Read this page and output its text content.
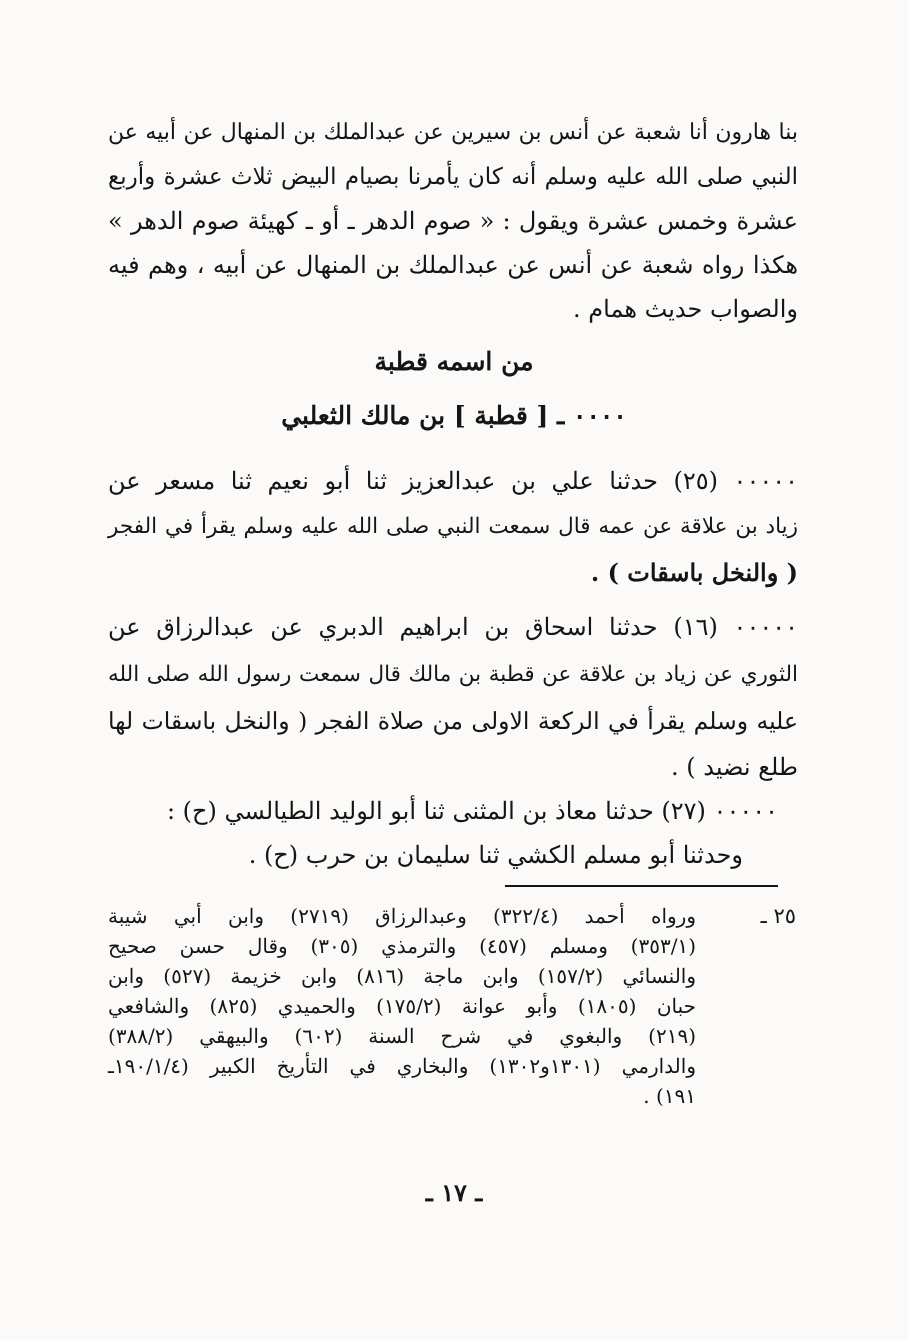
بنا هارون أنا شعبة عن أنس بن سيرين عن عبدالملك بن المنهال عن أبيه عن
النبي صلى الله عليه وسلم أنه كان يأمرنا بصيام البيض ثلاث عشرة وأربع
عشرة وخمس عشرة ويقول : « صوم الدهر ـ أو ـ كهيئة صوم الدهر »
هكذا رواه شعبة عن أنس عن عبدالملك بن المنهال عن أبيه ، وهم فيه
والصواب حديث همام .
من اسمه قطبة
٠٠٠٠ ـ [ قطبة ] بن مالك الثعلبي
٠٠٠٠٠ (٢٥) حدثنا علي بن عبدالعزيز ثنا أبو نعيم ثنا مسعر عن
زياد بن علاقة عن عمه قال سمعت النبي صلى الله عليه وسلم يقرأ في الفجر
( والنخل باسقات ) .
٠٠٠٠٠ (١٦) حدثنا اسحاق بن ابراهيم الدبري عن عبدالرزاق عن
الثوري عن زياد بن علاقة عن قطبة بن مالك قال سمعت رسول الله صلى الله
عليه وسلم يقرأ في الركعة الاولى من صلاة الفجر ( والنخل باسقات لها
طلع نضيد ) .
٠٠٠٠٠ (٢٧) حدثنا معاذ بن المثنى ثنا أبو الوليد الطيالسي (ح) :
وحدثنا أبو مسلم الكشي ثنا سليمان بن حرب (ح) .
٢٥ ـ
ورواه أحمد (٣٢٢/٤) وعبدالرزاق (٢٧١٩) وابن أبي شيبة
(٣٥٣/١) ومسلم (٤٥٧) والترمذي (٣٠٥) وقال حسن صحيح
والنسائي (١٥٧/٢) وابن ماجة (٨١٦) وابن خزيمة (٥٢٧) وابن
حبان (١٨٠٥) وأبو عوانة (١٧٥/٢) والحميدي (٨٢٥) والشافعي
(٢١٩) والبغوي في شرح السنة (٦٠٢) والبيهقي (٣٨٨/٢)
والدارمي (١٣٠١و١٣٠٢) والبخاري في التأريخ الكبير (١٩٠/١/٤ـ
١٩١) .
ـ ١٧ ـ
